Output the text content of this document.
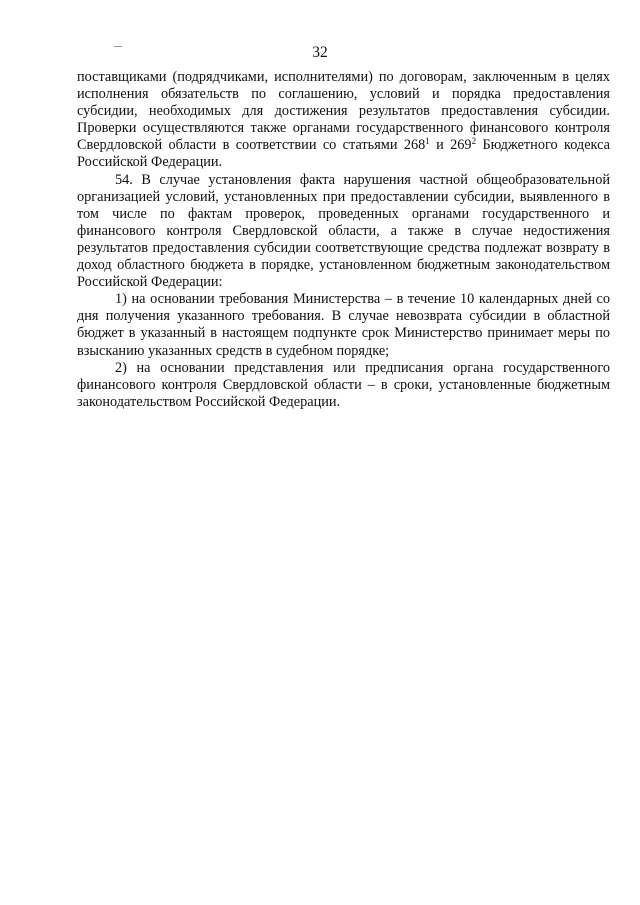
32

поставщиками (подрядчиками, исполнителями) по договорам, заключенным в целях исполнения обязательств по соглашению, условий и порядка предоставления субсидии, необходимых для достижения результатов предоставления субсидии. Проверки осуществляются также органами государственного финансового контроля Свердловской области в соответствии со статьями $268^1$ и $269^2$ Бюджетного кодекса Российской Федерации.

54. В случае установления факта нарушения частной общеобразовательной организацией условий, установленных при предоставлении субсидии, выявленного в том числе по фактам проверок, проведенных органами государственного и финансового контроля Свердловской области, а также в случае недостижения результатов предоставления субсидии соответствующие средства подлежат возврату в доход областного бюджета в порядке, установленном бюджетным законодательством Российской Федерации:

1) на основании требования Министерства – в течение 10 календарных дней со дня получения указанного требования. В случае невозврата субсидии в областной бюджет в указанный в настоящем подпункте срок Министерство принимает меры по взысканию указанных средств в судебном порядке;

2) на основании представления или предписания органа государственного финансового контроля Свердловской области – в сроки, установленные бюджетным законодательством Российской Федерации.
